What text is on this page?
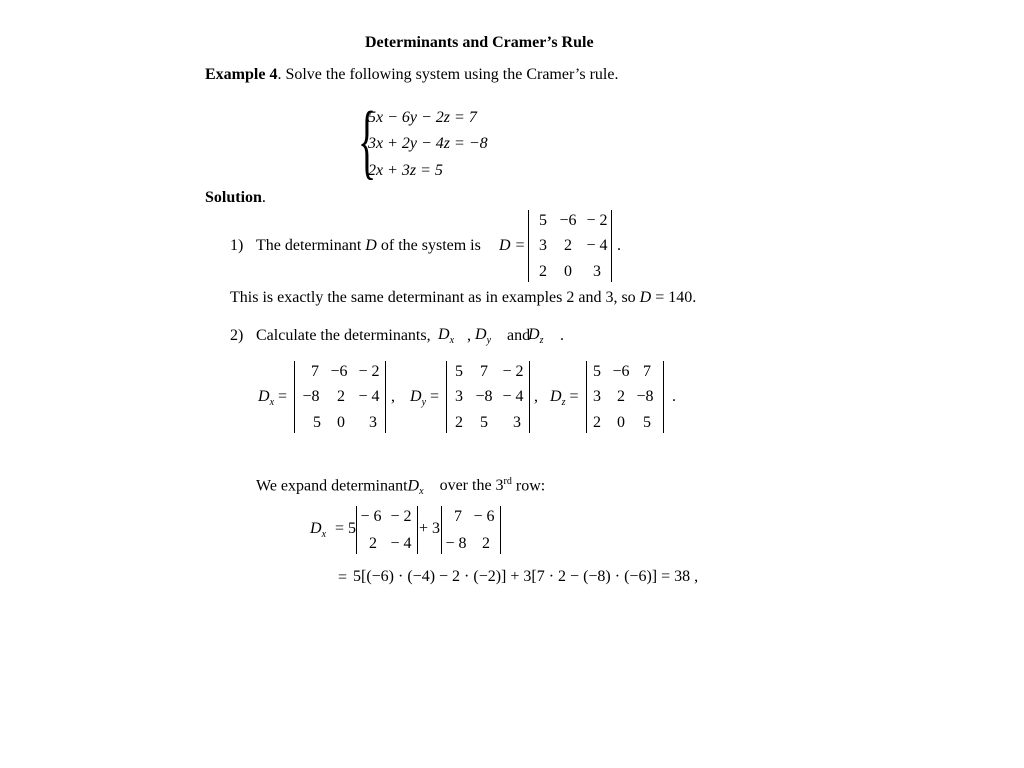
Determinants and Cramer’s Rule
Example 4. Solve the following system using the Cramer’s rule.
{
5x − 6y − 2z = 7
3x + 2y − 4z = −8
2x + 3z = 5
Solution.
1) The determinant D of the system is D =
5 −6 − 2
3	2 − 4
2	0	3
.
This is exactly the same determinant as in examples 2 and 3, so D = 140.
2) Calculate the determinants, $D_x$ , $D_y$ and
$D_z$ .
$D_x$ =
7 −6 − 2
−8	2 − 4
5	0	3
, $D_y$ =
5	7 − 2
3 −8 − 4
2	5	3
, $D_z$ =
5 −6 7
3	2 −8
2	0	5
.
We expand determinantD$_x$ over the 3rd row:
$D_x = 5$
− 6 − 2
2 − 4
+ 3
7 − 6
− 8 2
= 5[(−6) · (−4) − 2 · (−2)] + 3[7 · 2 − (−8) · (−6)] = 38 ,
